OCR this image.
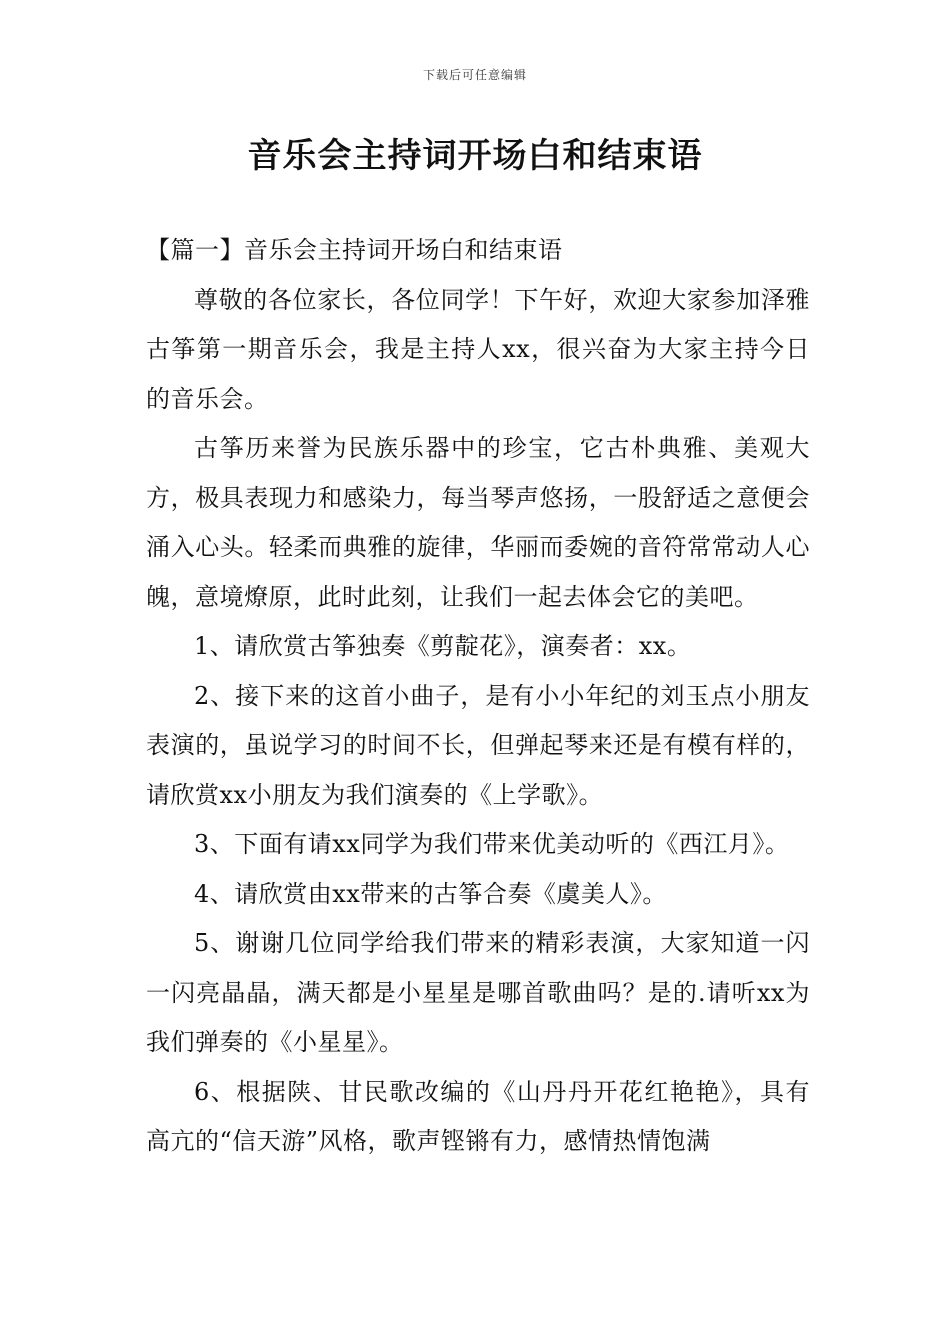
下载后可任意编辑
音乐会主持词开场白和结束语

【篇一】音乐会主持词开场白和结束语

尊敬的各位家长，各位同学！下午好，欢迎大家参加泽雅古筝第一期音乐会，我是主持人xx，很兴奋为大家主持今日的音乐会。

古筝历来誉为民族乐器中的珍宝，它古朴典雅、美观大方，极具表现力和感染力，每当琴声悠扬，一股舒适之意便会涌入心头。轻柔而典雅的旋律，华丽而委婉的音符常常动人心魄，意境燎原，此时此刻，让我们一起去体会它的美吧。

1、请欣赏古筝独奏《剪靛花》，演奏者：xx。

2、接下来的这首小曲子，是有小小年纪的刘玉点小朋友表演的，虽说学习的时间不长，但弹起琴来还是有模有样的，请欣赏xx小朋友为我们演奏的《上学歌》。

3、下面有请xx同学为我们带来优美动听的《西江月》。

4、请欣赏由xx带来的古筝合奏《虞美人》。

5、谢谢几位同学给我们带来的精彩表演，大家知道一闪一闪亮晶晶，满天都是小星星是哪首歌曲吗？是的.请听xx为我们弹奏的《小星星》。

6、根据陕、甘民歌改编的《山丹丹开花红艳艳》，具有高亢的“信天游”风格，歌声铿锵有力，感情热情饱满
